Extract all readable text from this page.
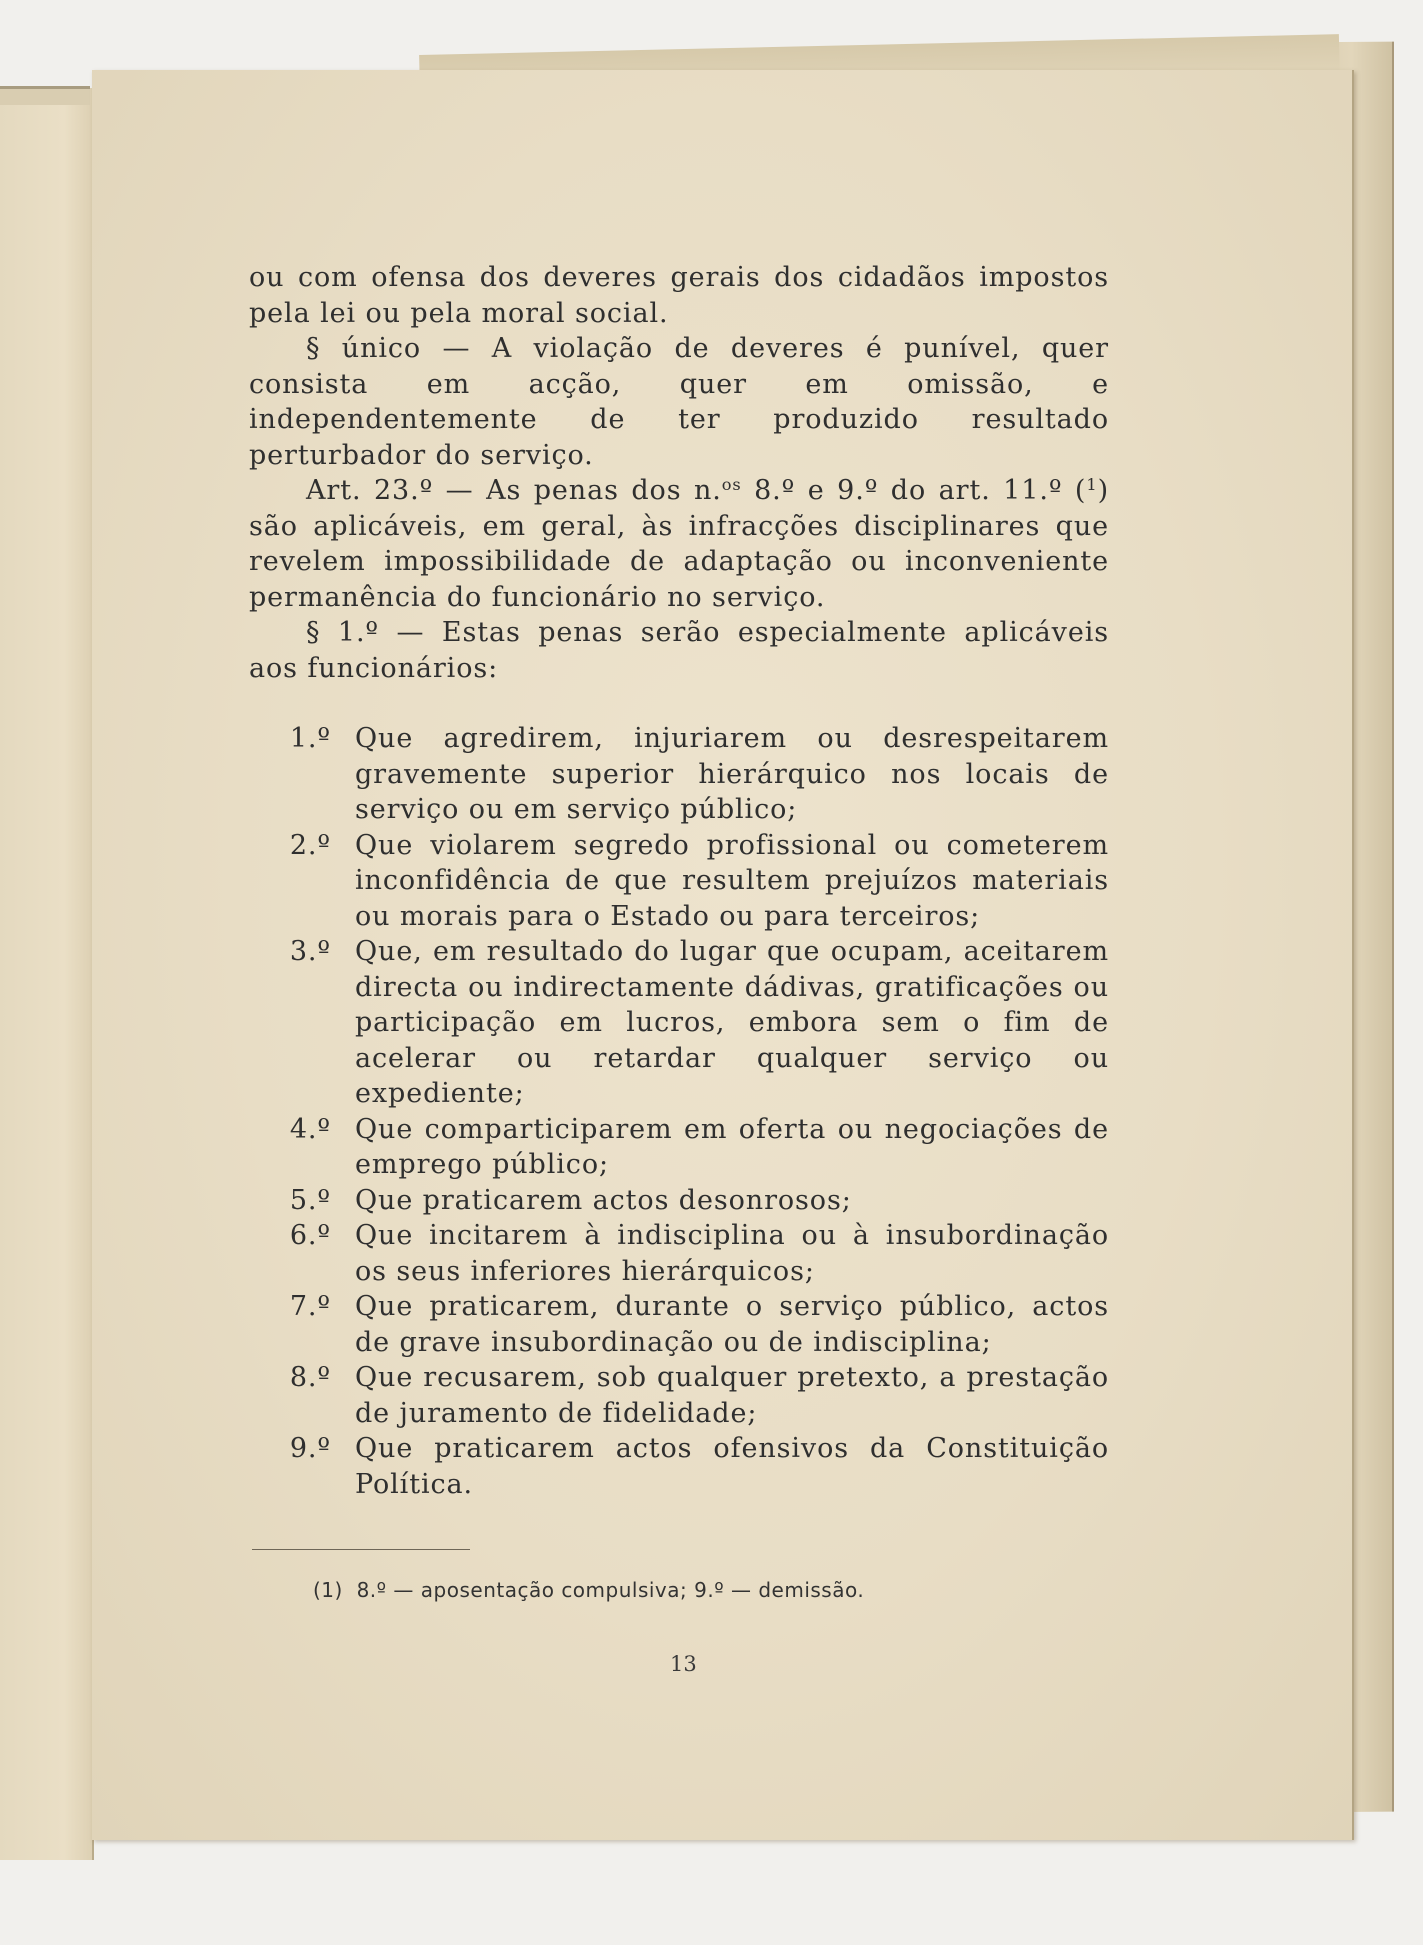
ou com ofensa dos deveres gerais dos cidadãos impostos pela lei ou pela moral social.

§ único — A violação de deveres é punível, quer consista em acção, quer em omissão, e independentemente de ter produzido resultado perturbador do serviço.

Art. 23.º — As penas dos n.$^{os}$ 8.º e 9.º do art. 11.º ($^1$) são aplicáveis, em geral, às infracções disciplinares que revelem impossibilidade de adaptação ou inconveniente permanência do funcionário no serviço.

§ 1.º — Estas penas serão especialmente aplicáveis aos funcionários:

1.º Que agredirem, injuriarem ou desrespeitarem gravemente superior hierárquico nos locais de serviço ou em serviço público;
2.º Que violarem segredo profissional ou cometerem inconfidência de que resultem prejuízos materiais ou morais para o Estado ou para terceiros;
3.º Que, em resultado do lugar que ocupam, aceitarem directa ou indirectamente dádivas, gratificações ou participação em lucros, embora sem o fim de acelerar ou retardar qualquer serviço ou expediente;
4.º Que comparticiparem em oferta ou negociações de emprego público;
5.º Que praticarem actos desonrosos;
6.º Que incitarem à indisciplina ou à insubordinação os seus inferiores hierárquicos;
7.º Que praticarem, durante o serviço público, actos de grave insubordinação ou de indisciplina;
8.º Que recusarem, sob qualquer pretexto, a prestação de juramento de fidelidade;
9.º Que praticarem actos ofensivos da Constituição Política.
(1) 8.º — aposentação compulsiva; 9.º — demissão.
13
